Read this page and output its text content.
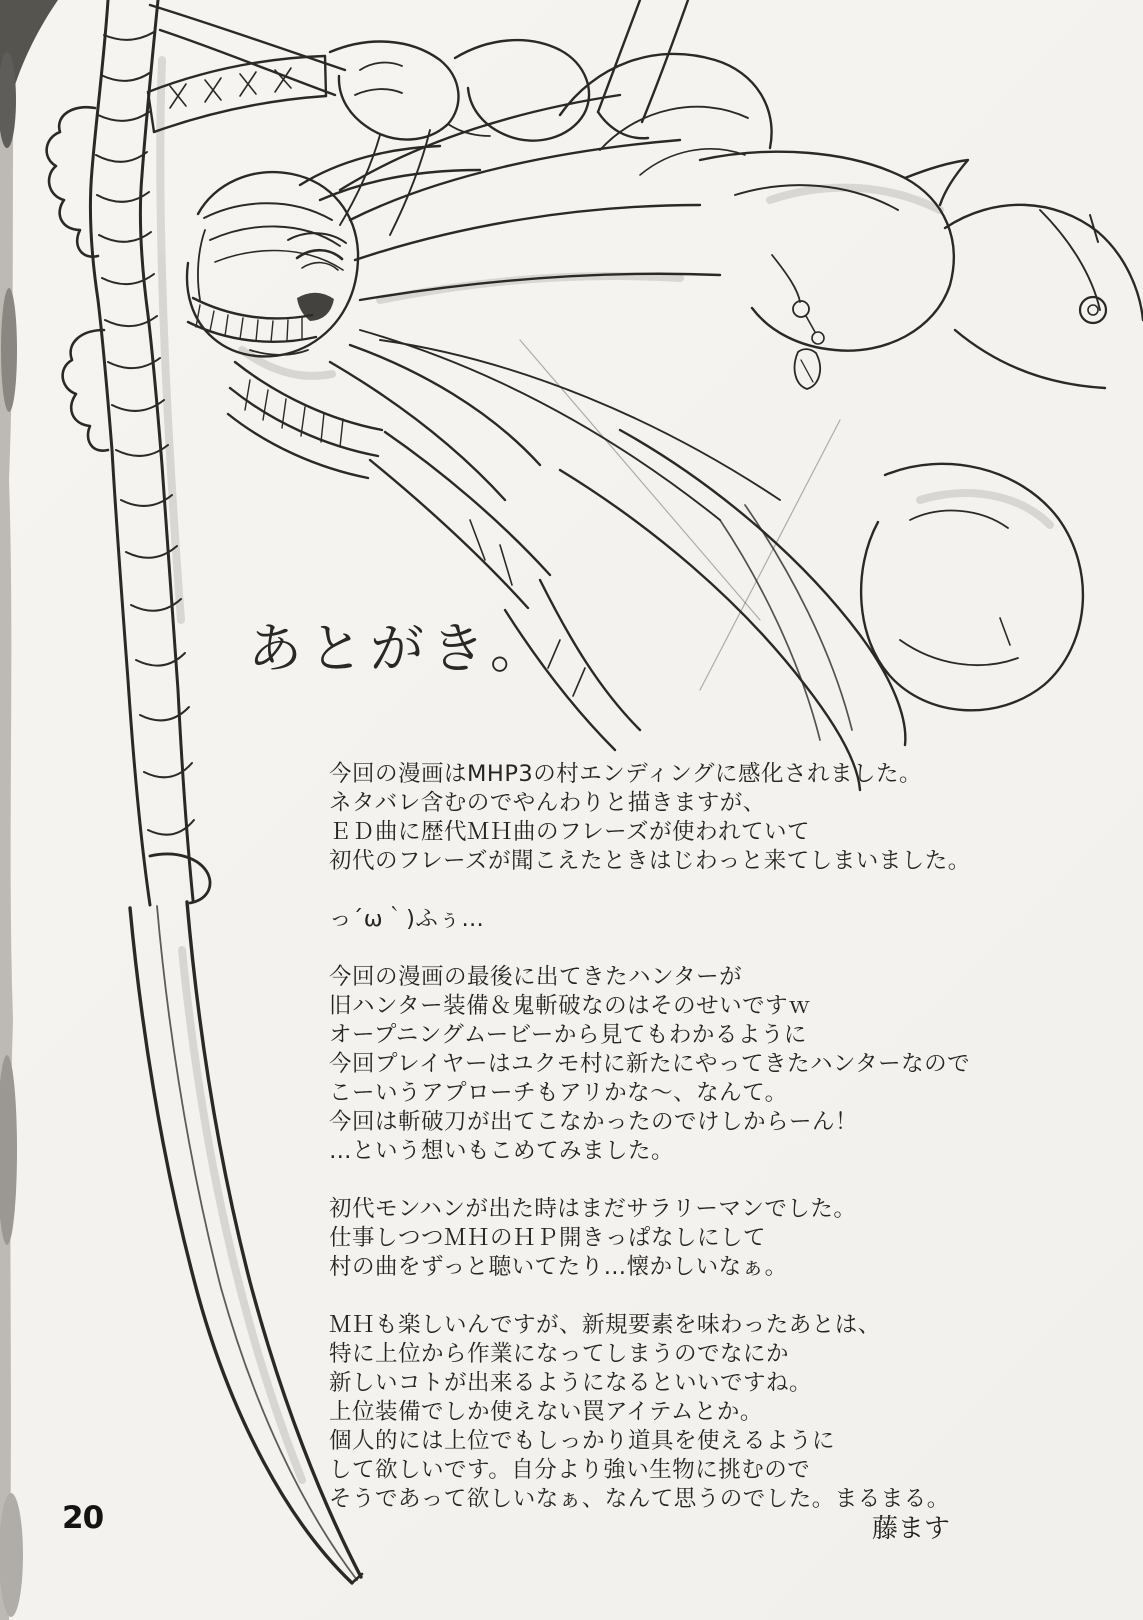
あとがき。
今回の漫画はMHP3の村エンディングに感化されました。
ネタバレ含むのでやんわりと描きますが、
ＥＤ曲に歴代ＭＨ曲のフレーズが使われていて
初代のフレーズが聞こえたときはじわっと来てしまいました。
っ´ω｀)ふぅ…
今回の漫画の最後に出てきたハンターが
旧ハンター装備＆鬼斬破なのはそのせいですｗ
オープニングムービーから見てもわかるように
今回プレイヤーはユクモ村に新たにやってきたハンターなので
こーいうアプローチもアリかな～、なんて。
今回は斬破刀が出てこなかったのでけしからーん！
…という想いもこめてみました。
初代モンハンが出た時はまだサラリーマンでした。
仕事しつつＭＨのＨＰ開きっぱなしにして
村の曲をずっと聴いてたり…懐かしいなぁ。
ＭＨも楽しいんですが、新規要素を味わったあとは、
特に上位から作業になってしまうのでなにか
新しいコトが出来るようになるといいですね。
上位装備でしか使えない罠アイテムとか。
個人的には上位でもしっかり道具を使えるように
して欲しいです。自分より強い生物に挑むので
そうであって欲しいなぁ、なんて思うのでした。まるまる。
20	藤ます
